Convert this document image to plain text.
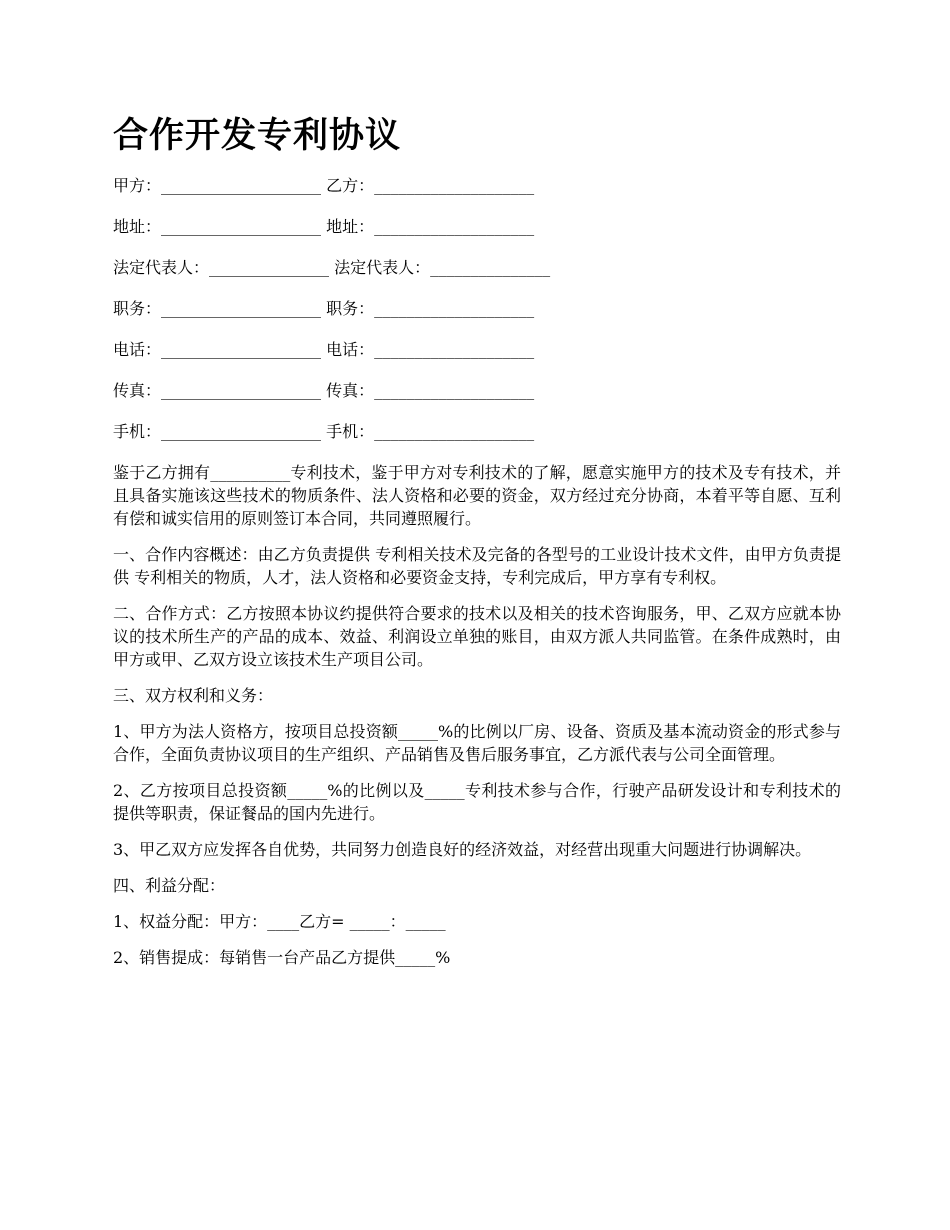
合作开发专利协议
甲方：____________________ 乙方：____________________
地址：____________________ 地址：____________________
法定代表人：_______________ 法定代表人：_______________
职务：____________________ 职务：____________________
电话：____________________ 电话：____________________
传真：____________________ 传真：____________________
手机：____________________ 手机：____________________

鉴于乙方拥有__________专利技术，鉴于甲方对专利技术的了解，愿意实施甲方的技术及专有技术，并且具备实施该这些技术的物质条件、法人资格和必要的资金，双方经过充分协商，本着平等自愿、互利有偿和诚实信用的原则签订本合同，共同遵照履行。

一、合作内容概述：由乙方负责提供 专利相关技术及完备的各型号的工业设计技术文件，由甲方负责提供 专利相关的物质，人才，法人资格和必要资金支持，专利完成后，甲方享有专利权。

二、合作方式：乙方按照本协议约提供符合要求的技术以及相关的技术咨询服务，甲、乙双方应就本协议的技术所生产的产品的成本、效益、利润设立单独的账目，由双方派人共同监管。在条件成熟时，由甲方或甲、乙双方设立该技术生产项目公司。

三、双方权利和义务：

1、甲方为法人资格方，按项目总投资额_____%的比例以厂房、设备、资质及基本流动资金的形式参与合作，全面负责协议项目的生产组织、产品销售及售后服务事宜，乙方派代表与公司全面管理。

2、乙方按项目总投资额_____%的比例以及_____专利技术参与合作，行驶产品研发设计和专利技术的提供等职责，保证餐品的国内先进行。

3、甲乙双方应发挥各自优势，共同努力创造良好的经济效益，对经营出现重大问题进行协调解决。

四、利益分配：

1、权益分配：甲方：____乙方= _____：_____

2、销售提成：每销售一台产品乙方提供_____%
